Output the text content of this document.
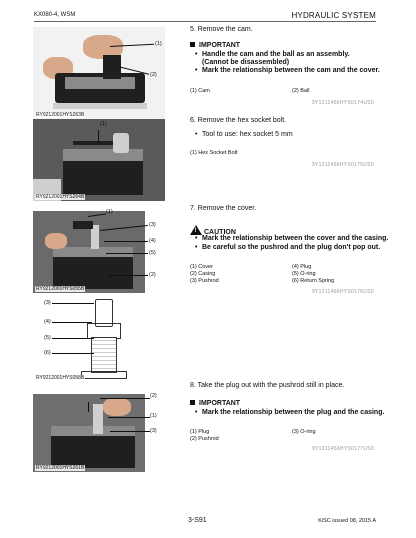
KX080-4, WSM	HYDRAULIC SYSTEM
RY9212001HYS263B
(1)
(2)
5. Remove the cam.
IMPORTANT
• Handle the cam and the ball as an assembly.
(Cannot be disassembled)
• Mark the relationship between the cam and the cover.
(1) Cam	(2) Ball
9Y1211466HYS0174US0
RY9212001HYS264B
(1)	6. Remove the hex socket bolt.
• Tool to use: hex socket 5 mm
(1) Hex Socket Bolt
9Y1211466HYS0175US0
RY9212001HYS055B
(1)
(3)
(4)
(5)
(2)
7. Remove the cover.
! CAUTION
• Mark the relationship between the cover and the casing.
• Be careful so the pushrod and the plug don't pop out.
(1) Cover
(2) Casing
(3) Pushrod
(4) Plug
(5) O-ring
(6) Return Spring
9Y1211466HYS0176US0
RY9212001HYS058B
(3)
(4)
(5)
(6)
RY9212001HYS261B
(2)
(1)
(3)
8. Take the plug out with the pushrod still in place.
IMPORTANT
• Mark the relationship between the plug and the casing.
(1) Plug
(2) Pushrod
(3) O-ring
9Y1211466HYS0177US0
3-S91	KiSC issued 08, 2015 A
